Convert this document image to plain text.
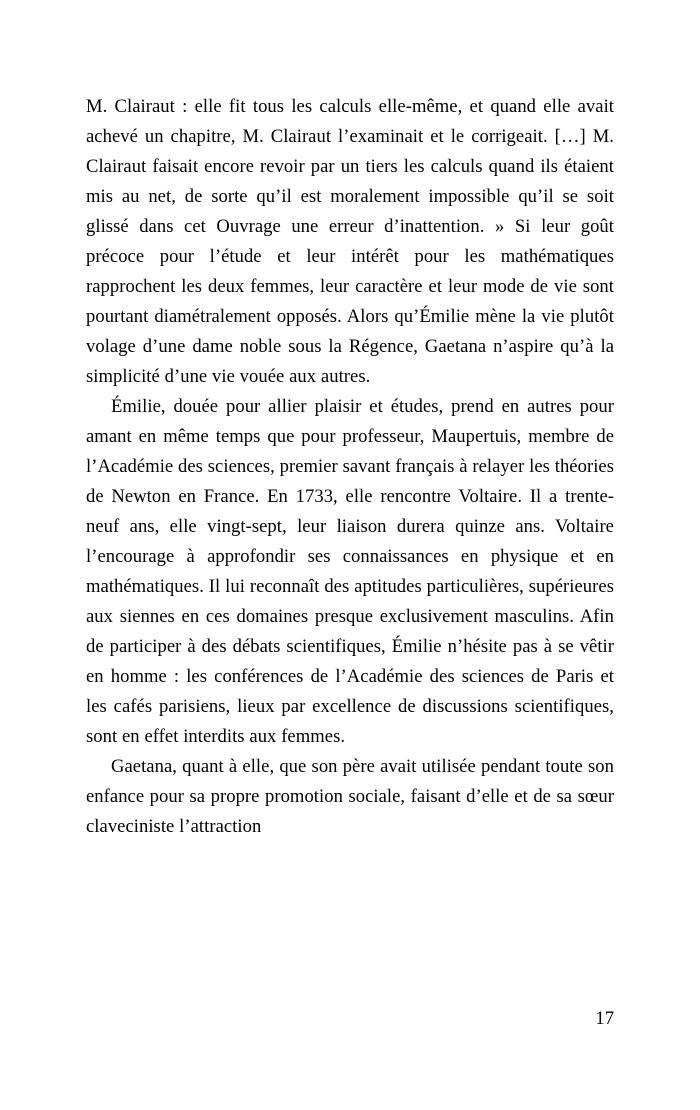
M. Clairaut : elle fit tous les calculs elle-même, et quand elle avait achevé un chapitre, M. Clairaut l’examinait et le corrigeait. […] M. Clairaut faisait encore revoir par un tiers les calculs quand ils étaient mis au net, de sorte qu’il est moralement impossible qu’il se soit glissé dans cet Ouvrage une erreur d’inattention. » Si leur goût précoce pour l’étude et leur intérêt pour les mathématiques rapprochent les deux femmes, leur caractère et leur mode de vie sont pourtant diamétralement opposés. Alors qu’Émilie mène la vie plutôt volage d’une dame noble sous la Régence, Gaetana n’aspire qu’à la simplicité d’une vie vouée aux autres.

Émilie, douée pour allier plaisir et études, prend en autres pour amant en même temps que pour professeur, Maupertuis, membre de l’Académie des sciences, premier savant français à relayer les théories de Newton en France. En 1733, elle rencontre Voltaire. Il a trente-neuf ans, elle vingt-sept, leur liaison durera quinze ans. Voltaire l’encourage à approfondir ses connaissances en physique et en mathématiques. Il lui reconnaît des aptitudes particulières, supérieures aux siennes en ces domaines presque exclusivement masculins. Afin de participer à des débats scientifiques, Émilie n’hésite pas à se vêtir en homme : les conférences de l’Académie des sciences de Paris et les cafés parisiens, lieux par excellence de discussions scientifiques, sont en effet interdits aux femmes.

Gaetana, quant à elle, que son père avait utilisée pendant toute son enfance pour sa propre promotion sociale, faisant d’elle et de sa sœur claveciniste l’attraction

17
